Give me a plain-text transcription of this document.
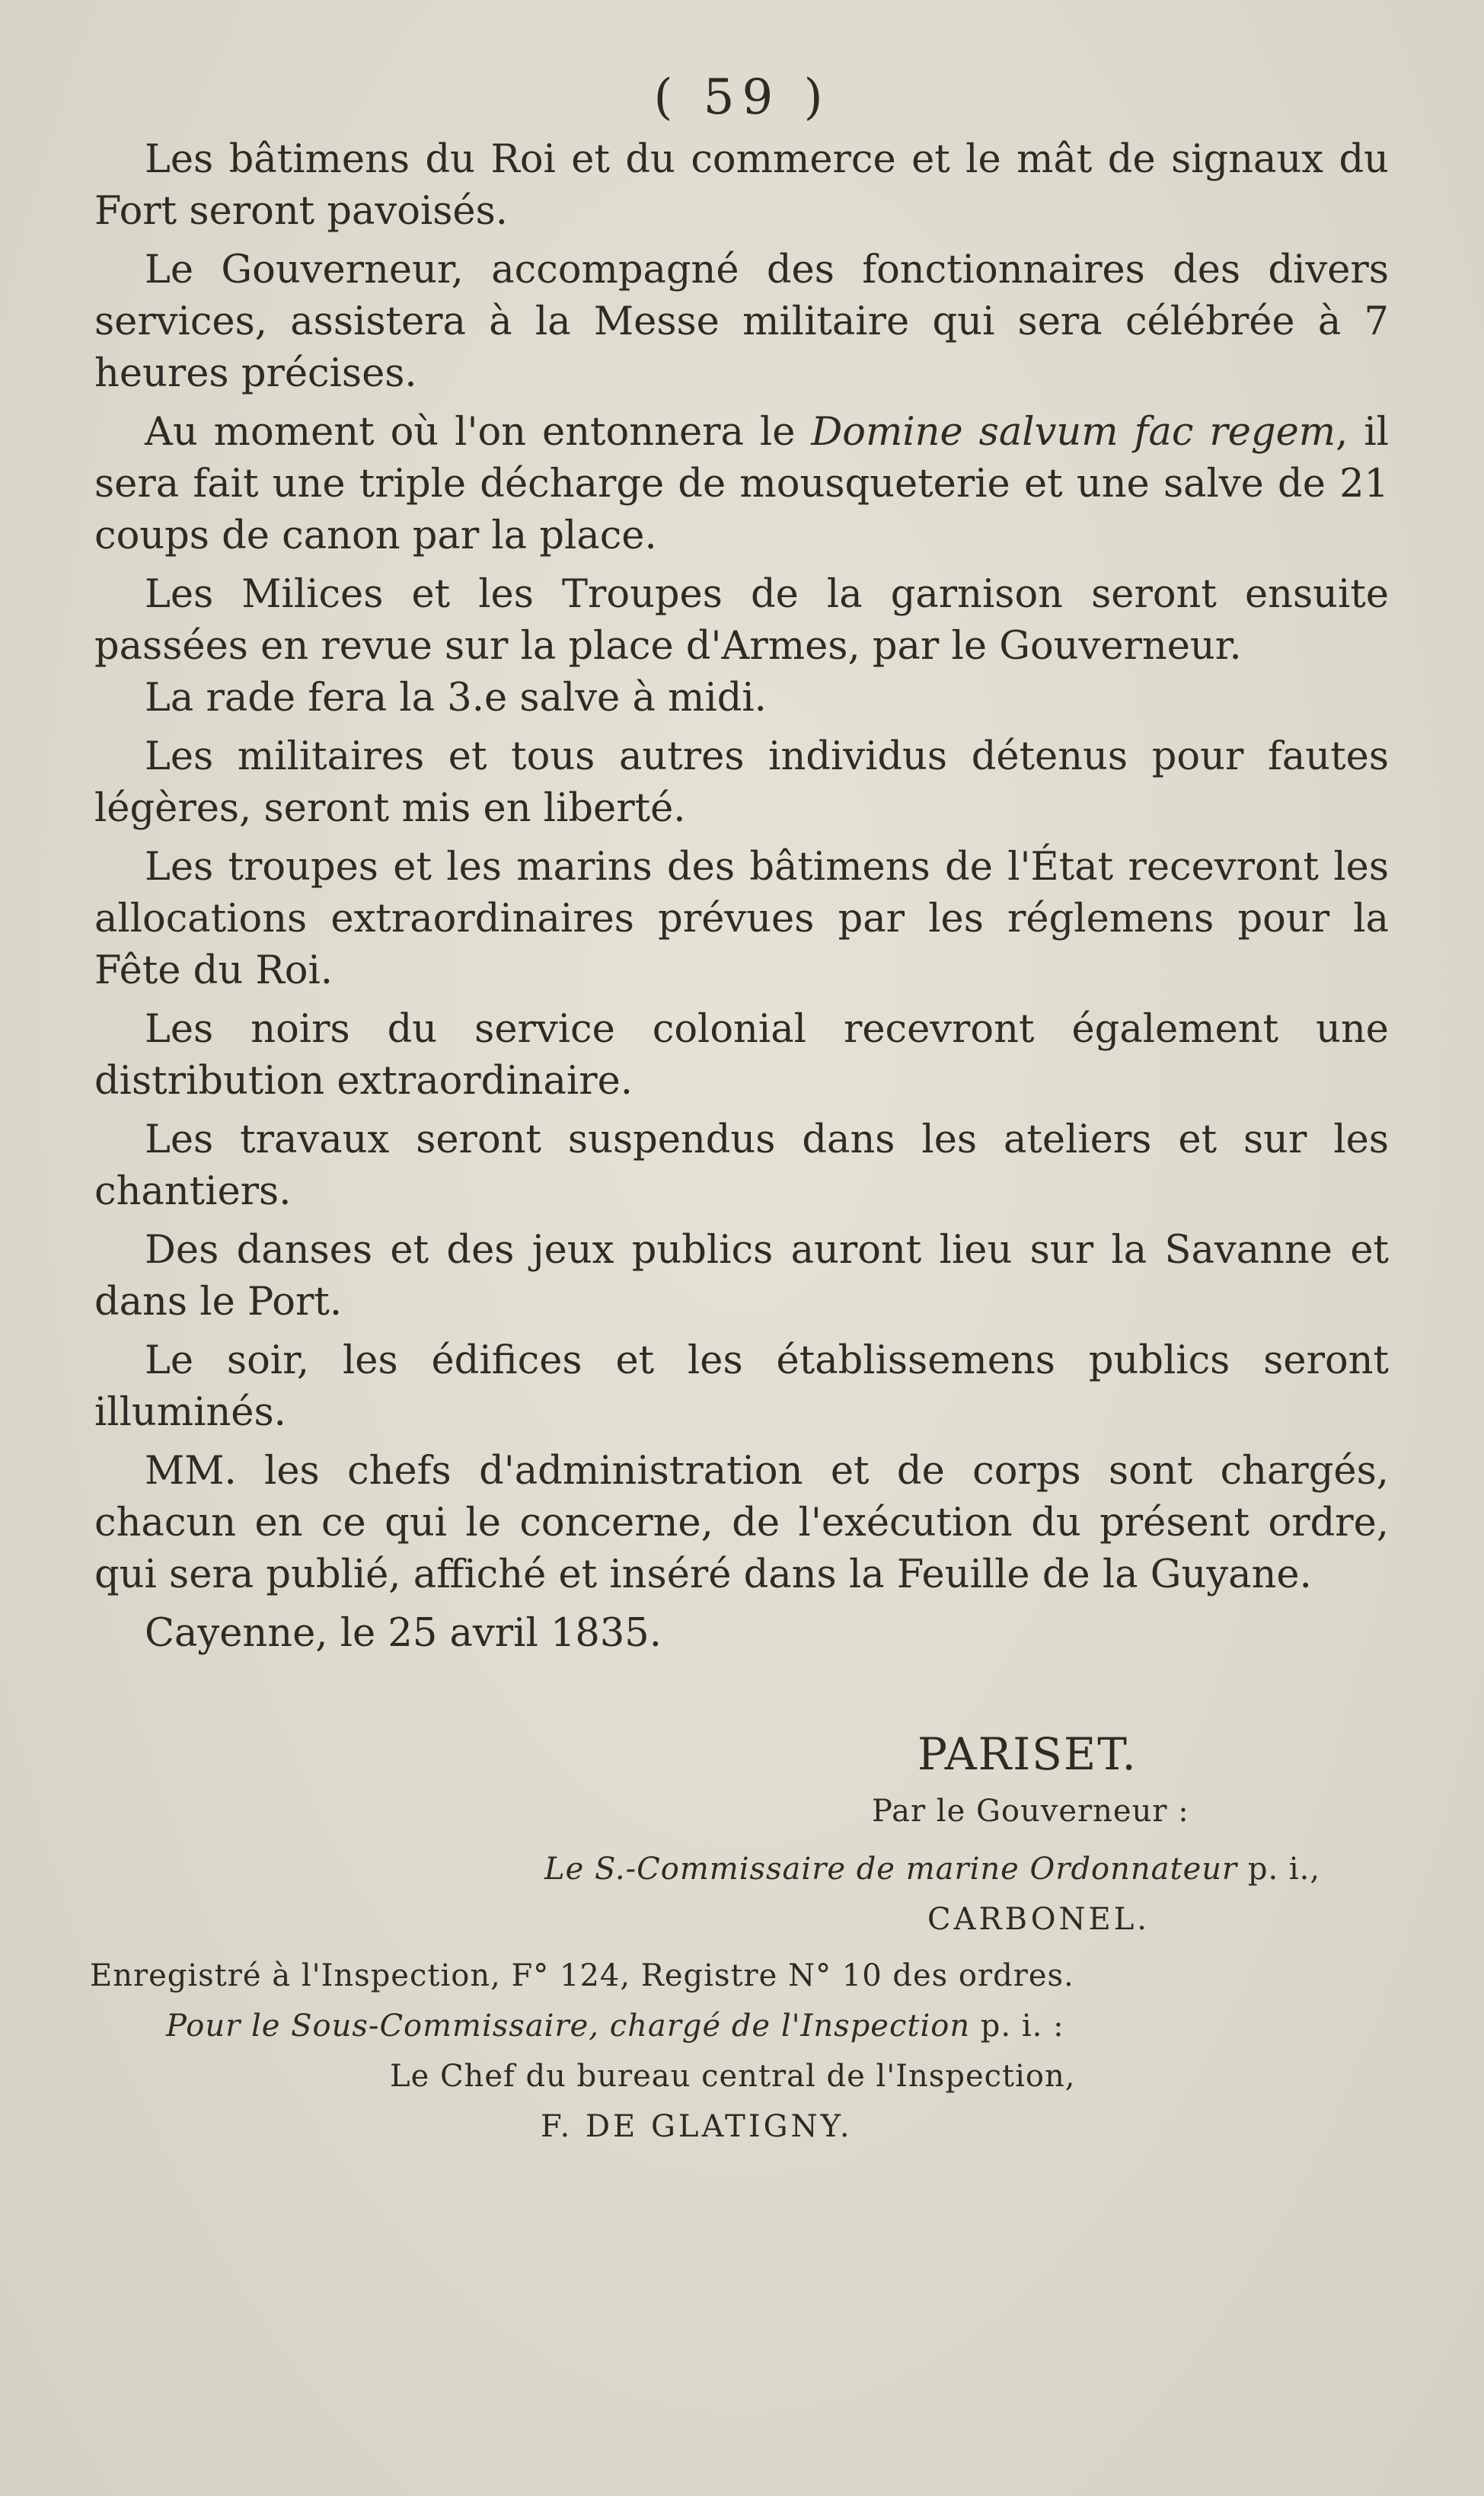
( 59 )

Les bâtimens du Roi et du commerce et le mât de signaux du Fort seront pavoisés.

Le Gouverneur, accompagné des fonctionnaires des divers services, assistera à la Messe militaire qui sera célébrée à 7 heures précises.

Au moment où l'on entonnera le Domine salvum fac regem, il sera fait une triple décharge de mousqueterie et une salve de 21 coups de canon par la place.

Les Milices et les Troupes de la garnison seront ensuite passées en revue sur la place d'Armes, par le Gouverneur.

La rade fera la 3.e salve à midi.

Les militaires et tous autres individus détenus pour fautes légères, seront mis en liberté.

Les troupes et les marins des bâtimens de l'État recevront les allocations extraordinaires prévues par les réglemens pour la Fête du Roi.

Les noirs du service colonial recevront également une distribution extraordinaire.

Les travaux seront suspendus dans les ateliers et sur les chantiers.

Des danses et des jeux publics auront lieu sur la Savanne et dans le Port.

Le soir, les édifices et les établissemens publics seront illuminés.

MM. les chefs d'administration et de corps sont chargés, chacun en ce qui le concerne, de l'exécution du présent ordre, qui sera publié, affiché et inséré dans la Feuille de la Guyane.

Cayenne, le 25 avril 1835.

PARISET.
Par le Gouverneur :
Le S.-Commissaire de marine Ordonnateur p. i.,
CARBONEL.
Enregistré à l'Inspection, F° 124, Registre N° 10 des ordres.
Pour le Sous-Commissaire, chargé de l'Inspection p. i. :
Le Chef du bureau central de l'Inspection,
F. DE GLATIGNY.
